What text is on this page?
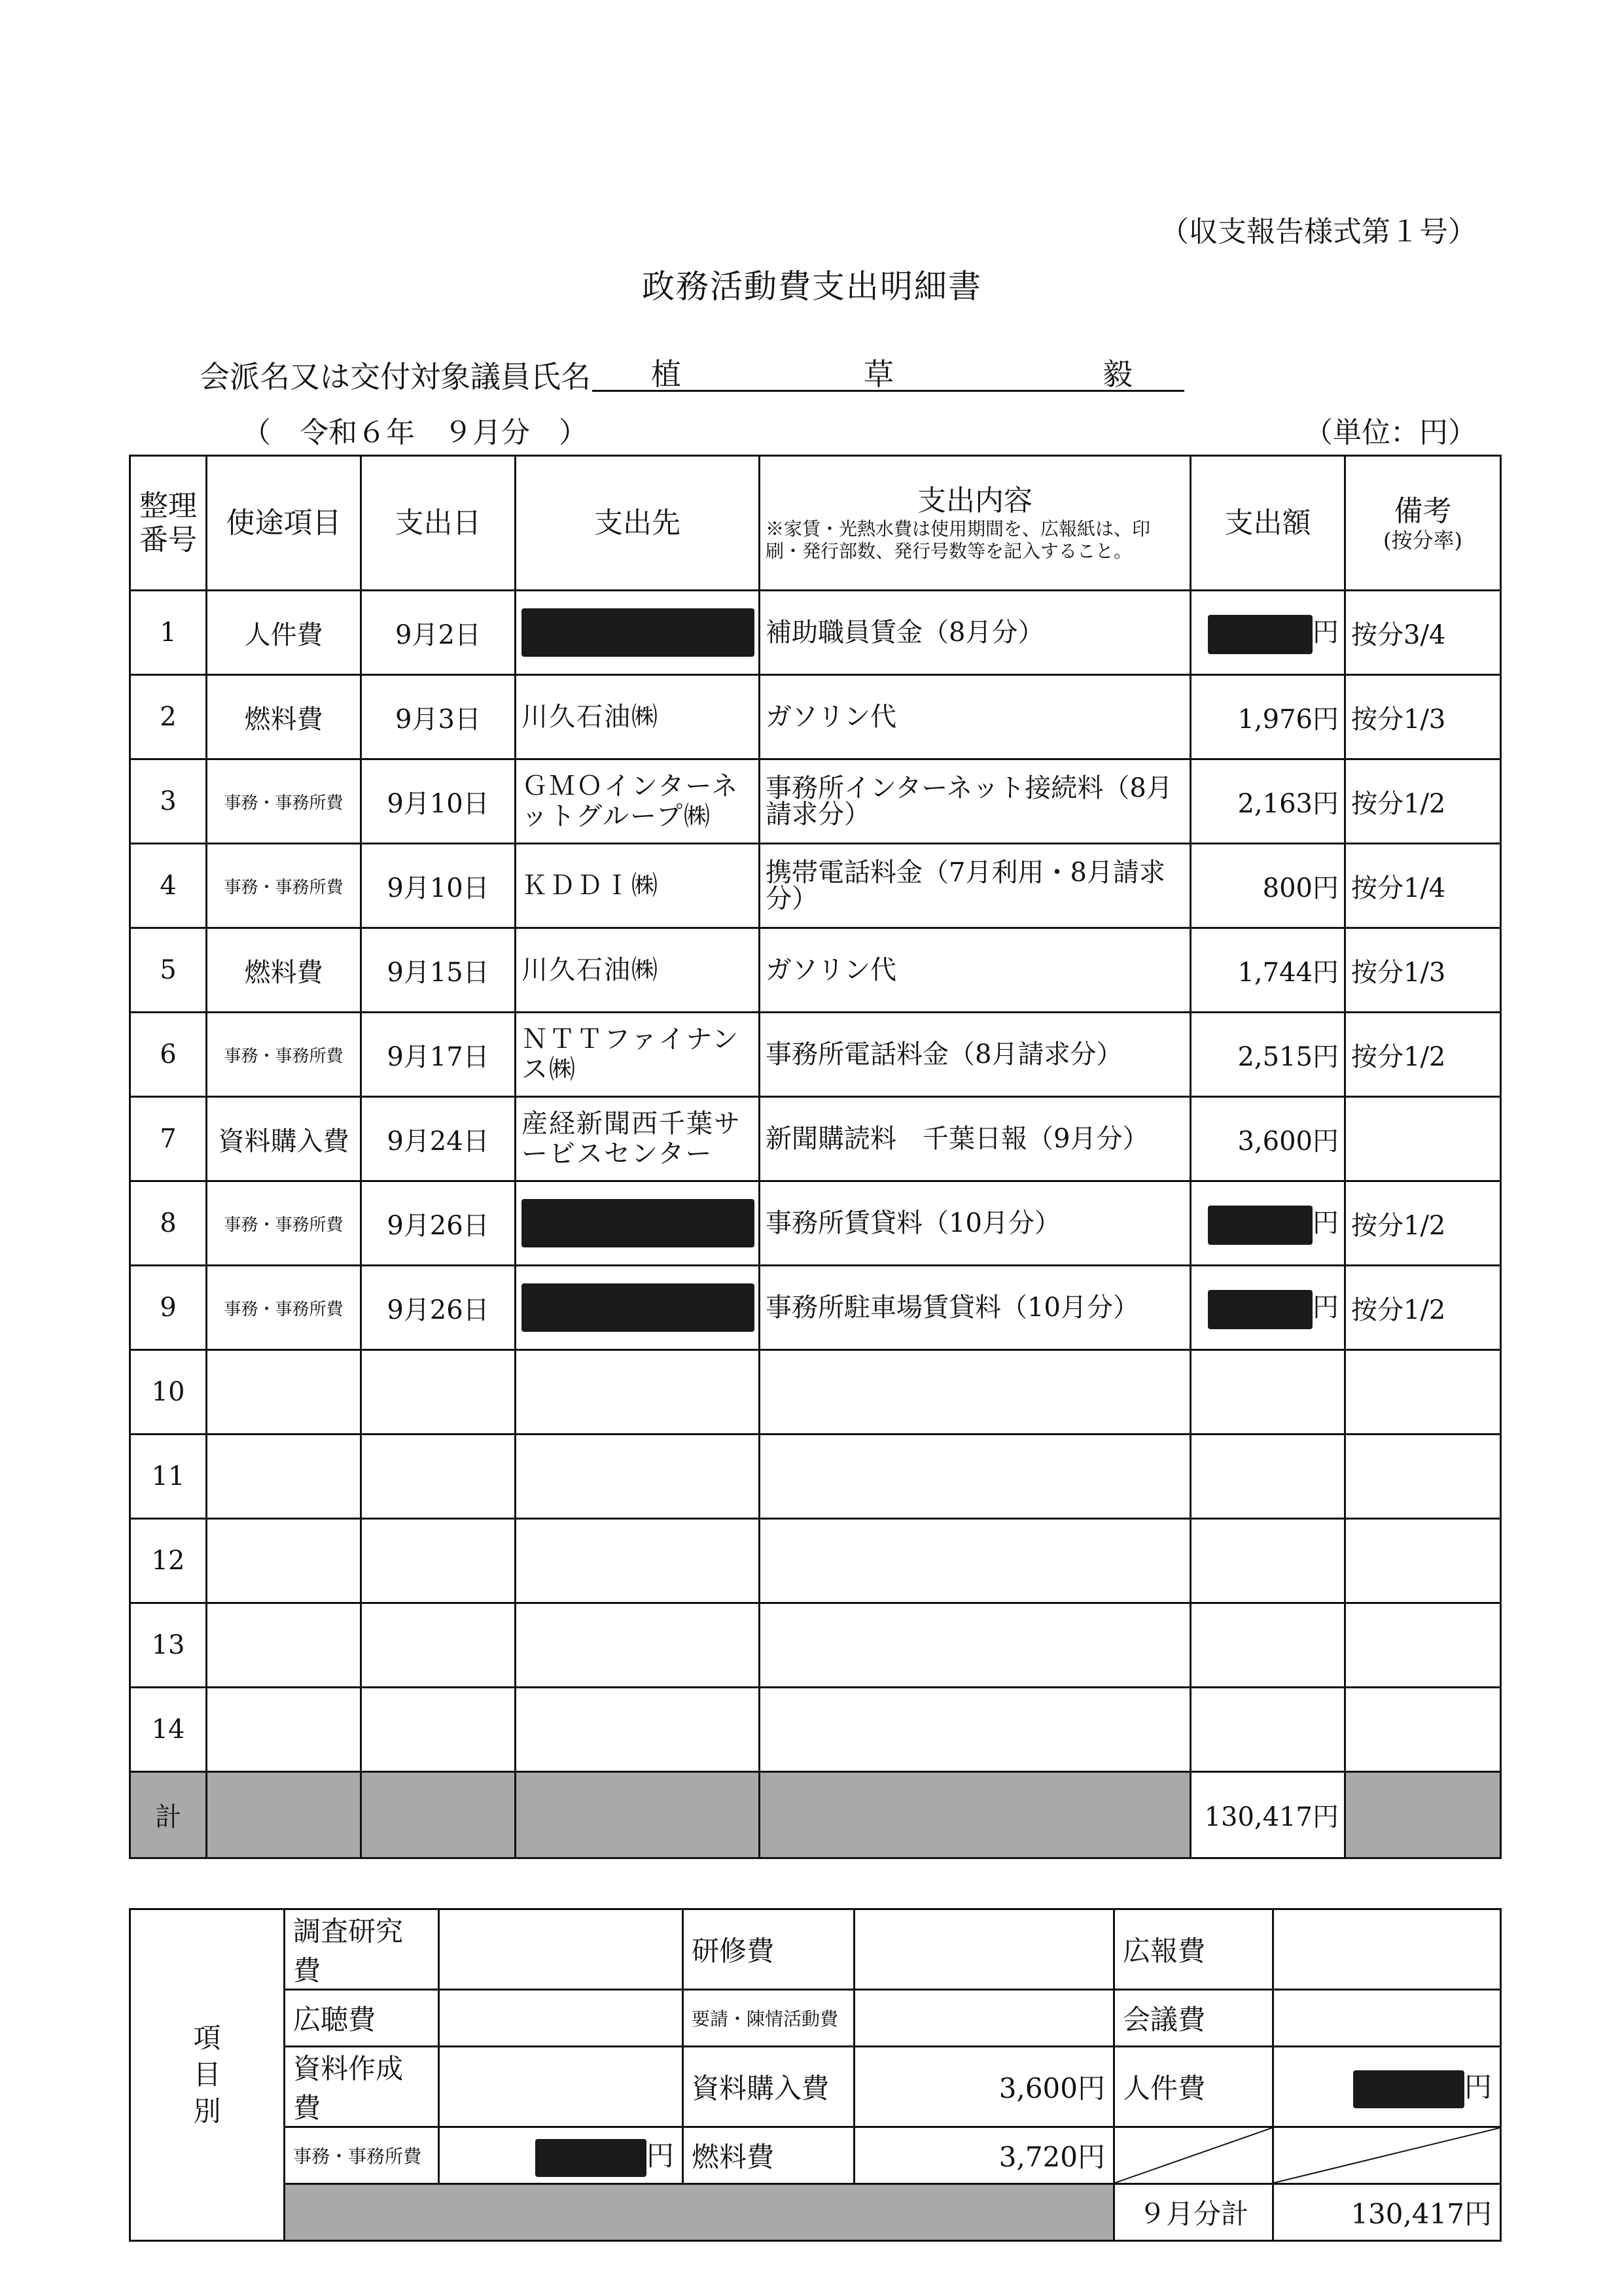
（収支報告様式第１号）
政務活動費支出明細書
会派名又は交付対象議員氏名 植	草	毅
（　令和６年　９月分　）	（単位：円）
整理
番号	使途項目	支出日	支出先	支出内容
※家賃・光熱水費は使用期間を、広報紙は、印刷・発行部数、発行号数等を記入すること。	支出額	備考
(按分率)

1	人件費	9月2日		補助職員賃金（8月分）	円	按分3/4
2	燃料費	9月3日	川久石油㈱	ガソリン代	1,976円	按分1/3
3	事務・事務所費	9月10日	ＧＭＯインターネットグループ㈱	事務所インターネット接続料（8月請求分）	2,163円	按分1/2
4	事務・事務所費	9月10日	ＫＤＤＩ㈱	携帯電話料金（7月利用・8月請求分）	800円	按分1/4
5	燃料費	9月15日	川久石油㈱	ガソリン代	1,744円	按分1/3
6	事務・事務所費	9月17日	ＮＴＴファイナンス㈱	事務所電話料金（8月請求分）	2,515円	按分1/2
7	資料購入費	9月24日	産経新聞西千葉サービスセンター	新聞購読料　千葉日報（9月分）	3,600円	
8	事務・事務所費	9月26日		事務所賃貸料（10月分）	円	按分1/2
9	事務・事務所費	9月26日		事務所駐車場賃貸料（10月分）	円	按分1/2
10						
11						
12						
13						
14						
計					130,417円	
項
目
別	調査研究費		研修費		広報費	
	広聴費		要請・陳情活動費		会議費	
	資料作成費		資料購入費	3,600円	人件費	円
	事務・事務所費	円	燃料費	3,720円	

					９月分計	130,417円
